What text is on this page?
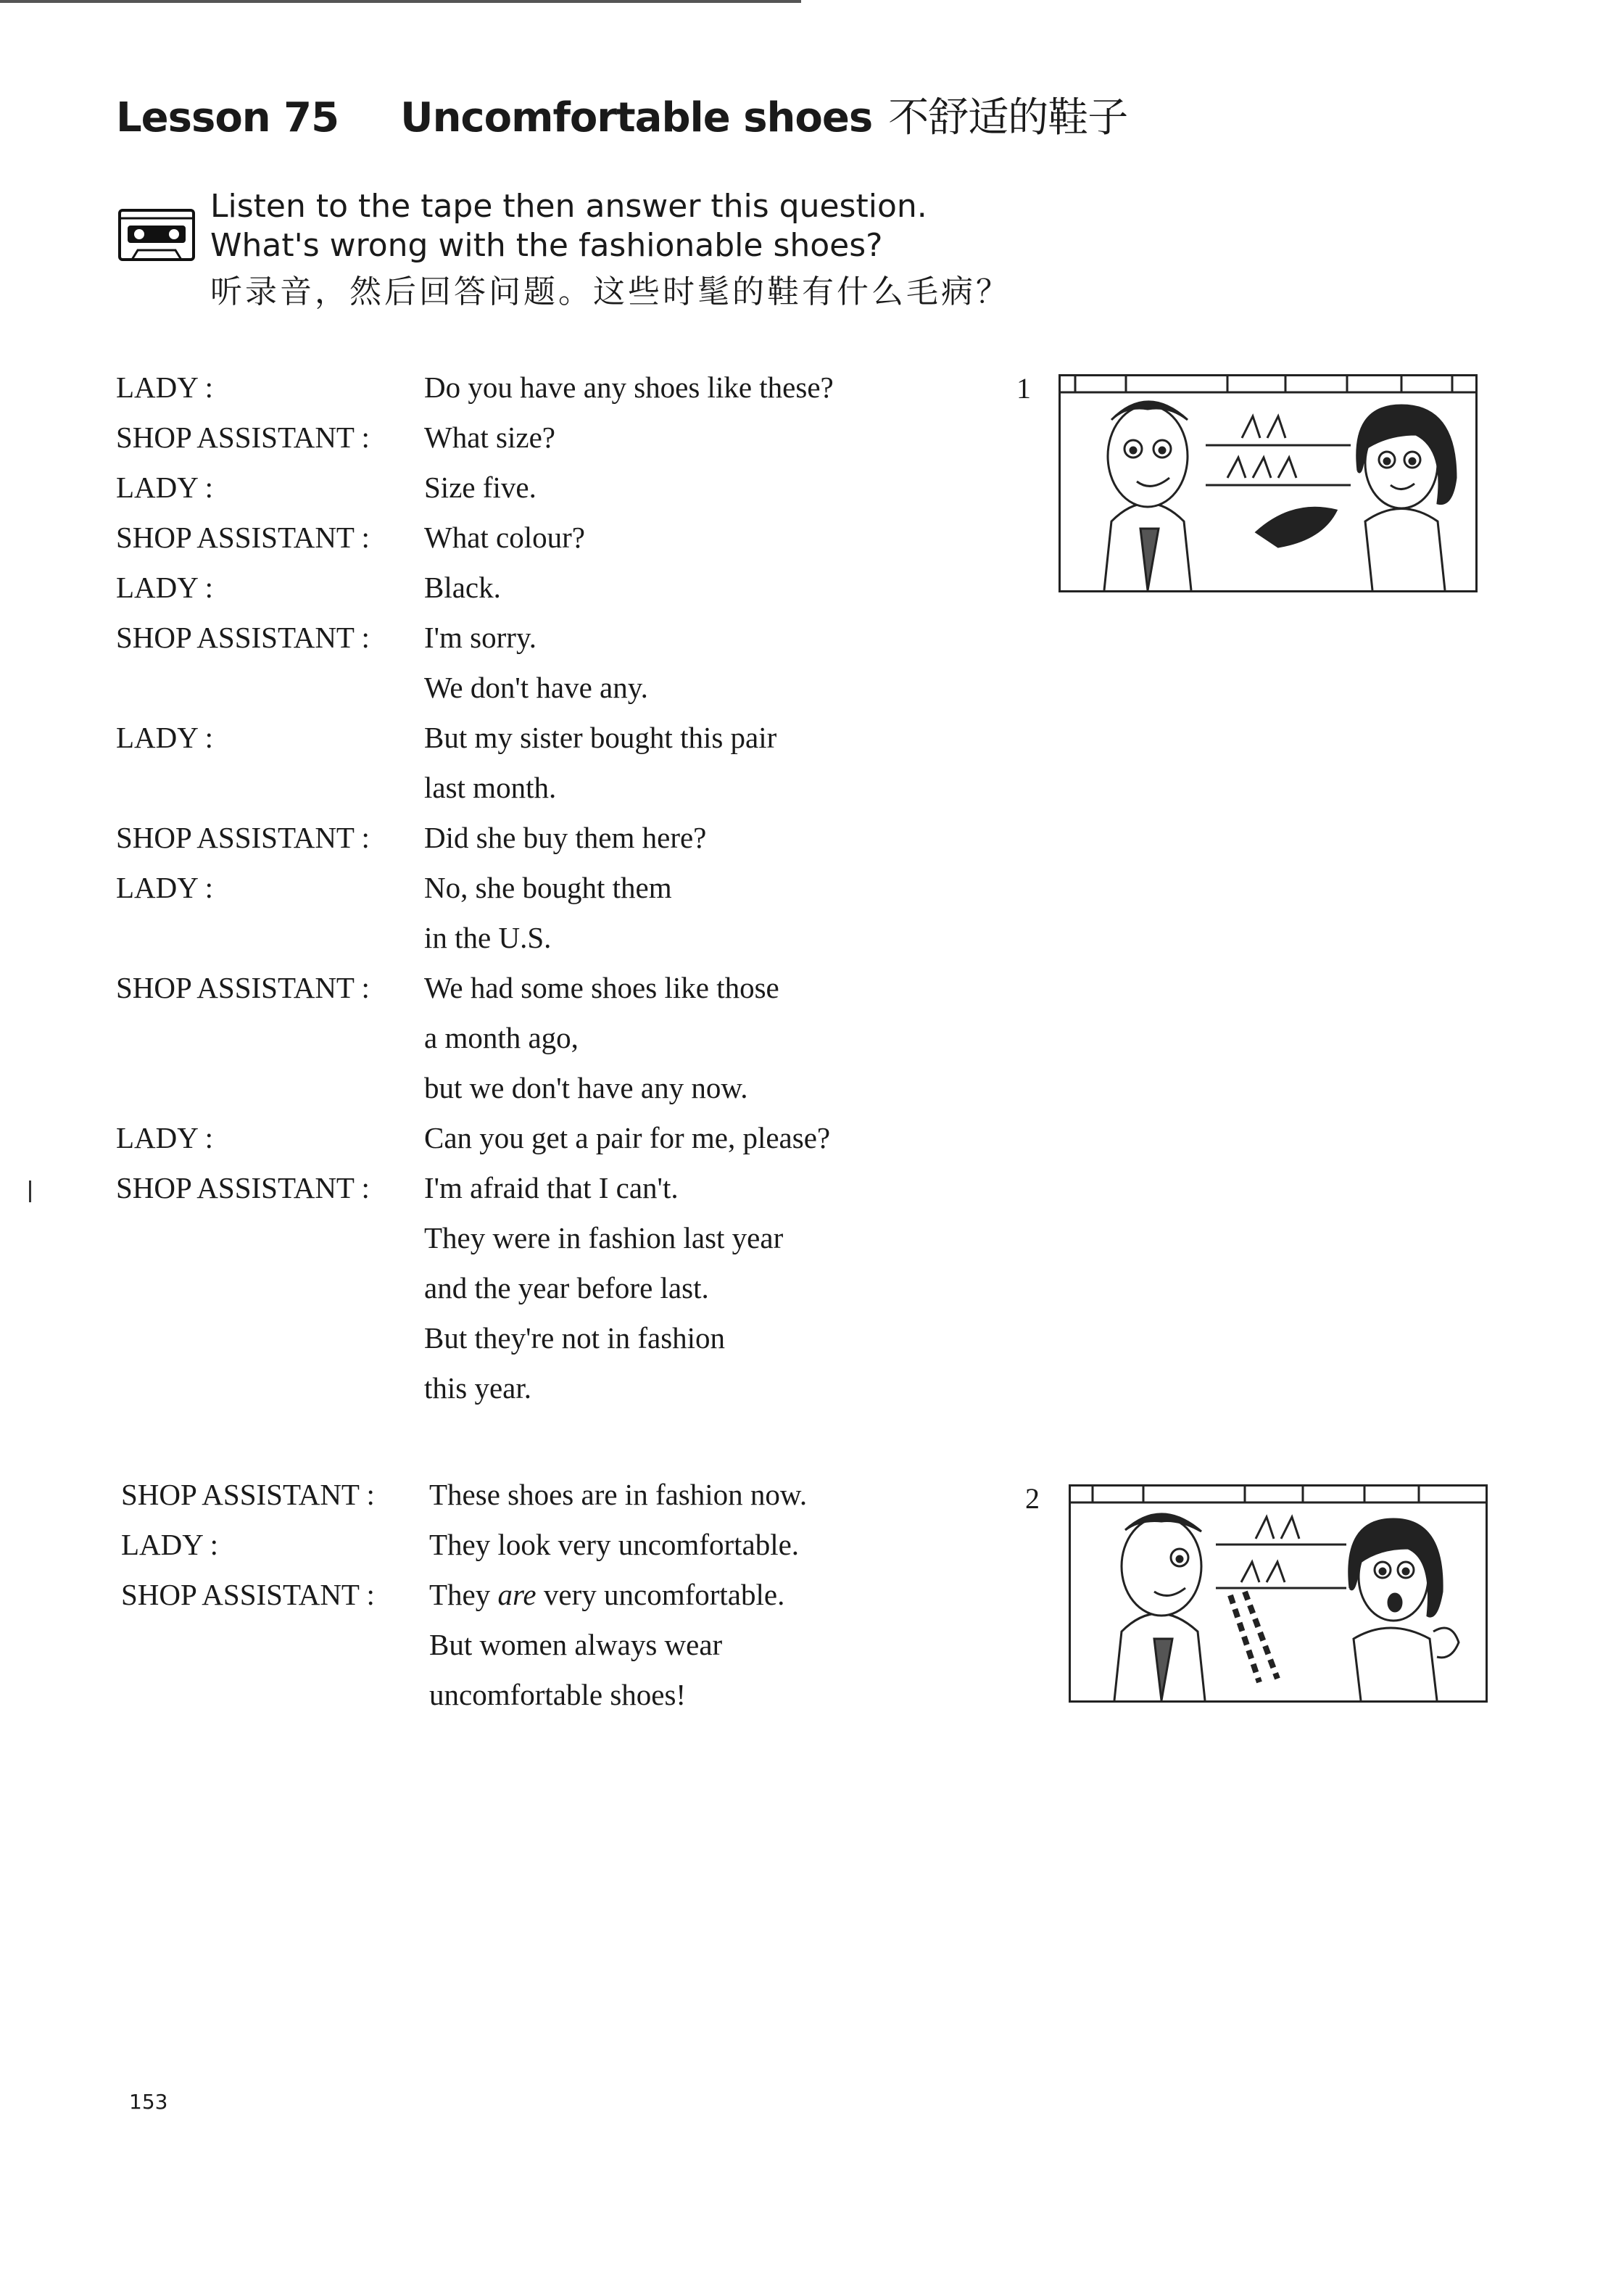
Lesson 75 Uncomfortable shoes 不舒适的鞋子
Listen to the tape then answer this question.
What's wrong with the fashionable shoes?
听录音，然后回答问题。这些时髦的鞋有什么毛病？
LADY :	Do you have any shoes like these?
SHOP ASSISTANT : What size?
LADY :	Size five.
SHOP ASSISTANT : What colour?
LADY :	Black.
SHOP ASSISTANT : I'm sorry.
We don't have any.
LADY :	But my sister bought this pair
last month.
SHOP ASSISTANT : Did she buy them here?
LADY :	No, she bought them
in the U.S.
SHOP ASSISTANT : We had some shoes like those
a month ago,
but we don't have any now.
LADY :	Can you get a pair for me, please?
SHOP ASSISTANT : I'm afraid that I can't.
They were in fashion last year
and the year before last.
But they're not in fashion
this year.
SHOP ASSISTANT : These shoes are in fashion now.
LADY :	They look very uncomfortable.
SHOP ASSISTANT : They are very uncomfortable.
But women always wear
uncomfortable shoes!
1
2
153
